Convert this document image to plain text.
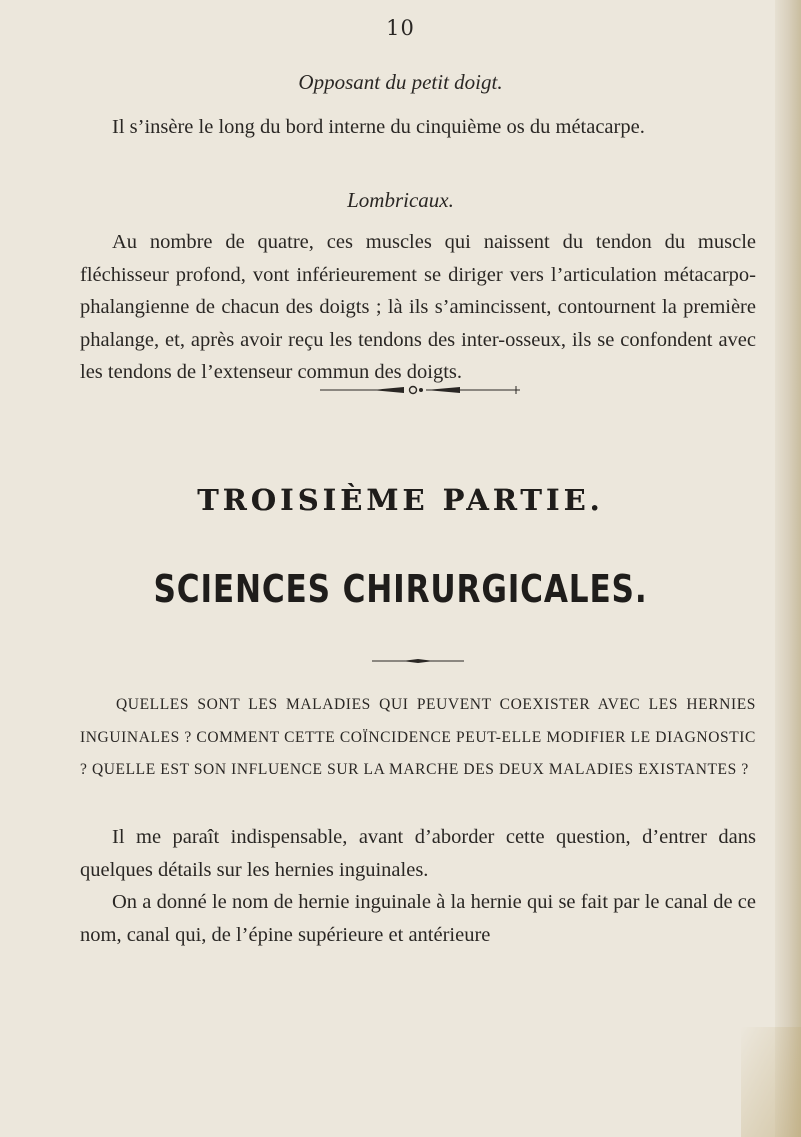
10
Opposant du petit doigt.
Il s’insère le long du bord interne du cinquième os du métacarpe.
Lombricaux.
Au nombre de quatre, ces muscles qui naissent du tendon du muscle fléchisseur profond, vont inférieurement se diriger vers l’articulation métacarpo-phalangienne de chacun des doigts ; là ils s’amincissent, contournent la première phalange, et, après avoir reçu les tendons des inter-osseux, ils se confondent avec les tendons de l’extenseur commun des doigts.
TROISIÈME PARTIE.
SCIENCES CHIRURGICALES.
QUELLES SONT LES MALADIES QUI PEUVENT COEXISTER AVEC LES HERNIES INGUINALES ? COMMENT CETTE COÏNCIDENCE PEUT-ELLE MODIFIER LE DIAGNOSTIC ? QUELLE EST SON INFLUENCE SUR LA MARCHE DES DEUX MALADIES EXISTANTES ?
Il me paraît indispensable, avant d’aborder cette question, d’entrer dans quelques détails sur les hernies inguinales.
On a donné le nom de hernie inguinale à la hernie qui se fait par le canal de ce nom, canal qui, de l’épine supérieure et antérieure
